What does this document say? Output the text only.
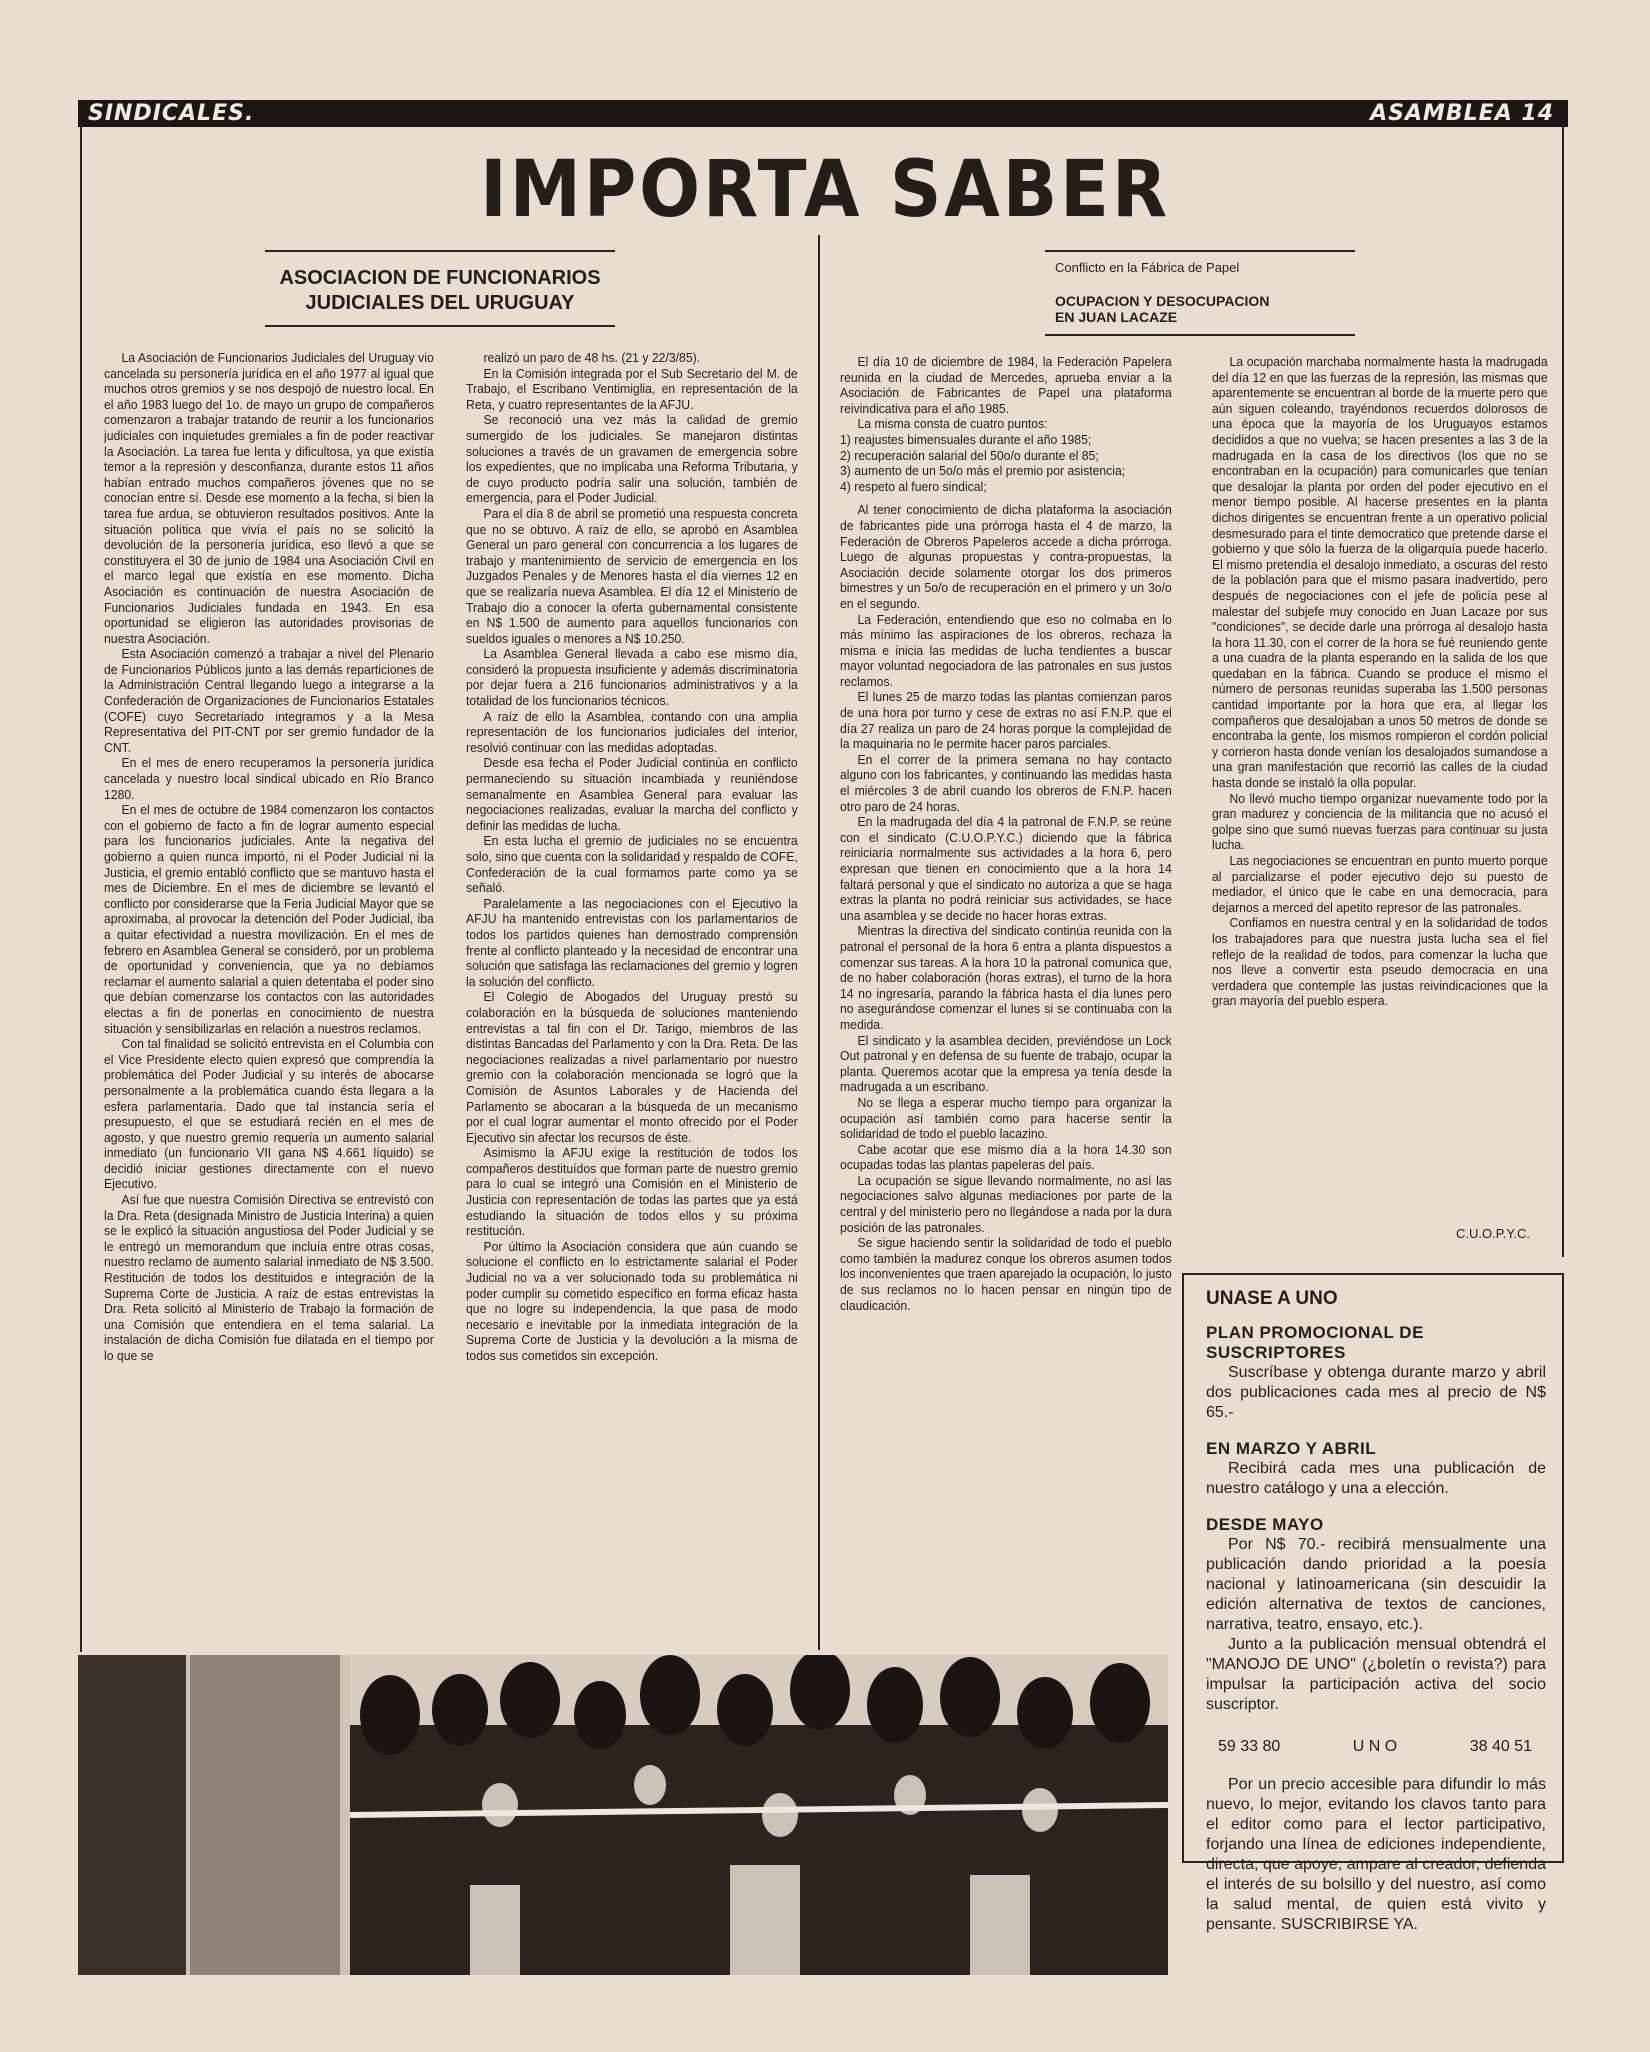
SINDICALES.	ASAMBLEA 14
IMPORTA SABER
ASOCIACION DE FUNCIONARIOS
JUDICIALES DEL URUGUAY

La Asociación de Funcionarios Judiciales del Uruguay vio cancelada su personería jurídica en el año 1977 al igual que muchos otros gremios y se nos despojó de nuestro local. En el año 1983 luego del 1o. de mayo un grupo de compañeros comenzaron a trabajar tratando de reunir a los funcionarios judiciales con inquietudes gremiales a fin de poder reactivar la Asociación. La tarea fue lenta y dificultosa, ya que existía temor a la represión y desconfianza, durante estos 11 años habían entrado muchos compañeros jóvenes que no se conocían entre sí. Desde ese momento a la fecha, si bien la tarea fue ardua, se obtuvieron resultados positivos. Ante la situación política que vivía el país no se solicitó la devolución de la personería jurídica, eso llevó a que se constituyera el 30 de junio de 1984 una Asociación Civil en el marco legal que existía en ese momento. Dicha Asociación es continuación de nuestra Asociación de Funcionarios Judiciales fundada en 1943. En esa oportunidad se eligieron las autoridades provisorias de nuestra Asociación.

Esta Asociación comenzó a trabajar a nivel del Plenario de Funcionarios Públicos junto a las demás reparticiones de la Administración Central llegando luego a integrarse a la Confederación de Organizaciones de Funcionarios Estatales (COFE) cuyo Secretariado integramos y a la Mesa Representativa del PIT-CNT por ser gremio fundador de la CNT.

En el mes de enero recuperamos la personería jurídica cancelada y nuestro local sindical ubicado en Río Branco 1280.

En el mes de octubre de 1984 comenzaron los contactos con el gobierno de facto a fin de lograr aumento especial para los funcionarios judiciales. Ante la negativa del gobierno a quien nunca importó, ni el Poder Judicial ni la Justicia, el gremio entabló conflicto que se mantuvo hasta el mes de Diciembre. En el mes de diciembre se levantó el conflicto por considerarse que la Feria Judicial Mayor que se aproximaba, al provocar la detención del Poder Judicial, iba a quitar efectividad a nuestra movilización. En el mes de febrero en Asamblea General se consideró, por un problema de oportunidad y conveniencia, que ya no debíamos reclamar el aumento salarial a quien detentaba el poder sino que debían comenzarse los contactos con las autoridades electas a fin de ponerlas en conocimiento de nuestra situación y sensibilizarlas en relación a nuestros reclamos.

Con tal finalidad se solicitó entrevista en el Columbia con el Vice Presidente electo quien expresó que comprendía la problemática del Poder Judicial y su interés de abocarse personalmente a la problemática cuando ésta llegara a la esfera parlamentaria. Dado que tal instancia sería el presupuesto, el que se estudiará recién en el mes de agosto, y que nuestro gremio requería un aumento salarial inmediato (un funcionario VII gana N$ 4.661 líquido) se decidió iniciar gestiones directamente con el nuevo Ejecutivo.

Así fue que nuestra Comisión Directiva se entrevistó con la Dra. Reta (designada Ministro de Justicia Interina) a quien se le explicó la situación angustiosa del Poder Judicial y se le entregó un memorandum que incluía entre otras cosas, nuestro reclamo de aumento salarial inmediato de N$ 3.500. Restitución de todos los destituidos e integración de la Suprema Corte de Justicia. A raíz de estas entrevistas la Dra. Reta solicitó al Ministerio de Trabajo la formación de una Comisión que entendiera en el tema salarial. La instalación de dicha Comisión fue dilatada en el tiempo por lo que se

realizó un paro de 48 hs. (21 y 22/3/85).

En la Comisión integrada por el Sub Secretario del M. de Trabajo, el Escribano Ventimiglia, en representación de la Reta, y cuatro representantes de la AFJU.

Se reconoció una vez más la calidad de gremio sumergido de los judiciales. Se manejaron distintas soluciones a través de un gravamen de emergencia sobre los expedientes, que no implicaba una Reforma Tributaria, y de cuyo producto podría salir una solución, también de emergencia, para el Poder Judicial.

Para el día 8 de abril se prometió una respuesta concreta que no se obtuvo. A raíz de ello, se aprobó en Asamblea General un paro general con concurrencia a los lugares de trabajo y mantenimiento de servicio de emergencia en los Juzgados Penales y de Menores hasta el día viernes 12 en que se realizaría nueva Asamblea. El día 12 el Ministerio de Trabajo dio a conocer la oferta gubernamental consistente en N$ 1.500 de aumento para aquellos funcionarios con sueldos iguales o menores a N$ 10.250.

La Asamblea General llevada a cabo ese mismo día, consideró la propuesta insuficiente y además discriminatoria por dejar fuera a 216 funcionarios administrativos y a la totalidad de los funcionarios técnicos.

A raíz de ello la Asamblea, contando con una amplia representación de los funcionarios judiciales del interior, resolvió continuar con las medidas adoptadas.

Desde esa fecha el Poder Judicial continúa en conflicto permaneciendo su situación incambiada y reuniéndose semanalmente en Asamblea General para evaluar las negociaciones realizadas, evaluar la marcha del conflicto y definir las medidas de lucha.

En esta lucha el gremio de judiciales no se encuentra solo, sino que cuenta con la solidaridad y respaldo de COFE, Confederación de la cual formamos parte como ya se señaló.

Paralelamente a las negociaciones con el Ejecutivo la AFJU ha mantenido entrevistas con los parlamentarios de todos los partidos quienes han demostrado comprensión frente al conflicto planteado y la necesidad de encontrar una solución que satisfaga las reclamaciones del gremio y logren la solución del conflicto.

El Colegio de Abogados del Uruguay prestó su colaboración en la búsqueda de soluciones manteniendo entrevistas a tal fin con el Dr. Tarigo, miembros de las distintas Bancadas del Parlamento y con la Dra. Reta. De las negociaciones realizadas a nivel parlamentario por nuestro gremio con la colaboración mencionada se logró que la Comisión de Asuntos Laborales y de Hacienda del Parlamento se abocaran a la búsqueda de un mecanismo por el cual lograr aumentar el monto ofrecido por el Poder Ejecutivo sin afectar los recursos de éste.

Asimismo la AFJU exige la restitución de todos los compañeros destituídos que forman parte de nuestro gremio para lo cual se integró una Comisión en el Ministerio de Justicia con representación de todas las partes que ya está estudiando la situación de todos ellos y su próxima restitución.

Por último la Asociación considera que aún cuando se solucione el conflicto en lo estrictamente salarial el Poder Judicial no va a ver solucionado toda su problemática ni poder cumplir su cometido específico en forma eficaz hasta que no logre su independencia, la que pasa de modo necesario e inevitable por la inmediata integración de la Suprema Corte de Justicia y la devolución a la misma de todos sus cometidos sin excepción.

Conflicto en la Fábrica de Papel
OCUPACION Y DESOCUPACION
EN JUAN LACAZE

El día 10 de diciembre de 1984, la Federación Papelera reunida en la ciudad de Mercedes, aprueba enviar a la Asociación de Fabricantes de Papel una plataforma reivindicativa para el año 1985.

La misma consta de cuatro puntos:

1) reajustes bimensuales durante el año 1985;
2) recuperación salarial del 50o/o durante el 85;
3) aumento de un 5o/o más el premio por asistencia;
4) respeto al fuero sindical;

Al tener conocimiento de dicha plataforma la asociación de fabricantes pide una prórroga hasta el 4 de marzo, la Federación de Obreros Papeleros accede a dicha prórroga. Luego de algunas propuestas y contra-propuestas, la Asociación decide solamente otorgar los dos primeros bimestres y un 5o/o de recuperación en el primero y un 3o/o en el segundo.

La Federación, entendiendo que eso no colmaba en lo más mínimo las aspiraciones de los obreros, rechaza la misma e inicia las medidas de lucha tendientes a buscar mayor voluntad negociadora de las patronales en sus justos reclamos.

El lunes 25 de marzo todas las plantas comienzan paros de una hora por turno y cese de extras no así F.N.P. que el día 27 realiza un paro de 24 horas porque la complejidad de la maquinaria no le permite hacer paros parciales.

En el correr de la primera semana no hay contacto alguno con los fabricantes, y continuando las medidas hasta el miércoles 3 de abril cuando los obreros de F.N.P. hacen otro paro de 24 horas.

En la madrugada del día 4 la patronal de F.N.P. se reúne con el sindicato (C.U.O.P.Y.C.) diciendo que la fábrica reiniciaría normalmente sus actividades a la hora 6, pero expresan que tienen en conocimiento que a la hora 14 faltará personal y que el sindicato no autoriza a que se haga extras la planta no podrá reiniciar sus actividades, se hace una asamblea y se decide no hacer horas extras.

Mientras la directiva del sindicato continúa reunida con la patronal el personal de la hora 6 entra a planta dispuestos a comenzar sus tareas. A la hora 10 la patronal comunica que, de no haber colaboración (horas extras), el turno de la hora 14 no ingresaría, parando la fábrica hasta el día lunes pero no asegurándose comenzar el lunes si se continuaba con la medida.

El sindicato y la asamblea deciden, previéndose un Lock Out patronal y en defensa de su fuente de trabajo, ocupar la planta. Queremos acotar que la empresa ya tenía desde la madrugada a un escribano.

No se llega a esperar mucho tiempo para organizar la ocupación así también como para hacerse sentir la solidaridad de todo el pueblo lacazino.

Cabe acotar que ese mismo día a la hora 14.30 son ocupadas todas las plantas papeleras del país.

La ocupación se sigue llevando normalmente, no así las negociaciones salvo algunas mediaciones por parte de la central y del ministerio pero no llegándose a nada por la dura posición de las patronales.

Se sigue haciendo sentir la solidaridad de todo el pueblo como también la madurez conque los obreros asumen todos los inconvenientes que traen aparejado la ocupación, lo justo de sus reclamos no lo hacen pensar en ningún tipo de claudicación.

La ocupación marchaba normalmente hasta la madrugada del día 12 en que las fuerzas de la represión, las mismas que aparentemente se encuentran al borde de la muerte pero que aún siguen coleando, trayéndonos recuerdos dolorosos de una época que la mayoría de los Uruguayos estamos decididos a que no vuelva; se hacen presentes a las 3 de la madrugada en la casa de los directivos (los que no se encontraban en la ocupación) para comunicarles que tenían que desalojar la planta por orden del poder ejecutivo en el menor tiempo posible. Al hacerse presentes en la planta dichos dirigentes se encuentran frente a un operativo policial desmesurado para el tinte democratico que pretende darse el gobierno y que sólo la fuerza de la oligarquía puede hacerlo. El mismo pretendía el desalojo inmediato, a oscuras del resto de la población para que el mismo pasara inadvertido, pero después de negociaciones con el jefe de policía pese al malestar del subjefe muy conocido en Juan Lacaze por sus "condiciones", se decide darle una prórroga al desalojo hasta la hora 11.30, con el correr de la hora se fué reuniendo gente a una cuadra de la planta esperando en la salida de los que quedaban en la fábrica. Cuando se produce el mismo el número de personas reunidas superaba las 1.500 personas cantidad importante por la hora que era, al llegar los compañeros que desalojaban a unos 50 metros de donde se encontraba la gente, los mismos rompieron el cordón policial y corrieron hasta donde venían los desalojados sumandose a una gran manifestación que recorrió las calles de la ciudad hasta donde se instaló la olla popular.

No llevó mucho tiempo organizar nuevamente todo por la gran madurez y conciencia de la militancia que no acusó el golpe sino que sumó nuevas fuerzas para continuar su justa lucha.

Las negociaciones se encuentran en punto muerto porque al parcializarse el poder ejecutivo dejo su puesto de mediador, el único que le cabe en una democracia, para dejarnos a merced del apetito represor de las patronales.

Confiamos en nuestra central y en la solidaridad de todos los trabajadores para que nuestra justa lucha sea el fiel reflejo de la realidad de todos, para comenzar la lucha que nos lleve a convertir esta pseudo democracia en una verdadera que contemple las justas reivindicaciones que la gran mayoría del pueblo espera.

C.U.O.P.Y.C.
UNASE A UNO
PLAN PROMOCIONAL DE SUSCRIPTORES

Suscríbase y obtenga durante marzo y abril dos publicaciones cada mes al precio de N$ 65.-

EN MARZO Y ABRIL

Recibirá cada mes una publicación de nuestro catálogo y una a elección.

DESDE MAYO

Por N$ 70.- recibirá mensualmente una publicación dando prioridad a la poesía nacional y latinoamericana (sin descuidir la edición alternativa de textos de canciones, narrativa, teatro, ensayo, etc.).

Junto a la publicación mensual obtendrá el "MANOJO DE UNO" (¿boletín o revista?) para impulsar la participación activa del socio suscriptor.

59 33 80	U N O	38 40 51

Por un precio accesible para difundir lo más nuevo, lo mejor, evitando los clavos tanto para el editor como para el lector participativo, forjando una línea de ediciones independiente, directa, que apoye, ampare al creador, defienda el interés de su bolsillo y del nuestro, así como la salud mental, de quien está vivito y pensante. SUSCRIBIRSE YA.
